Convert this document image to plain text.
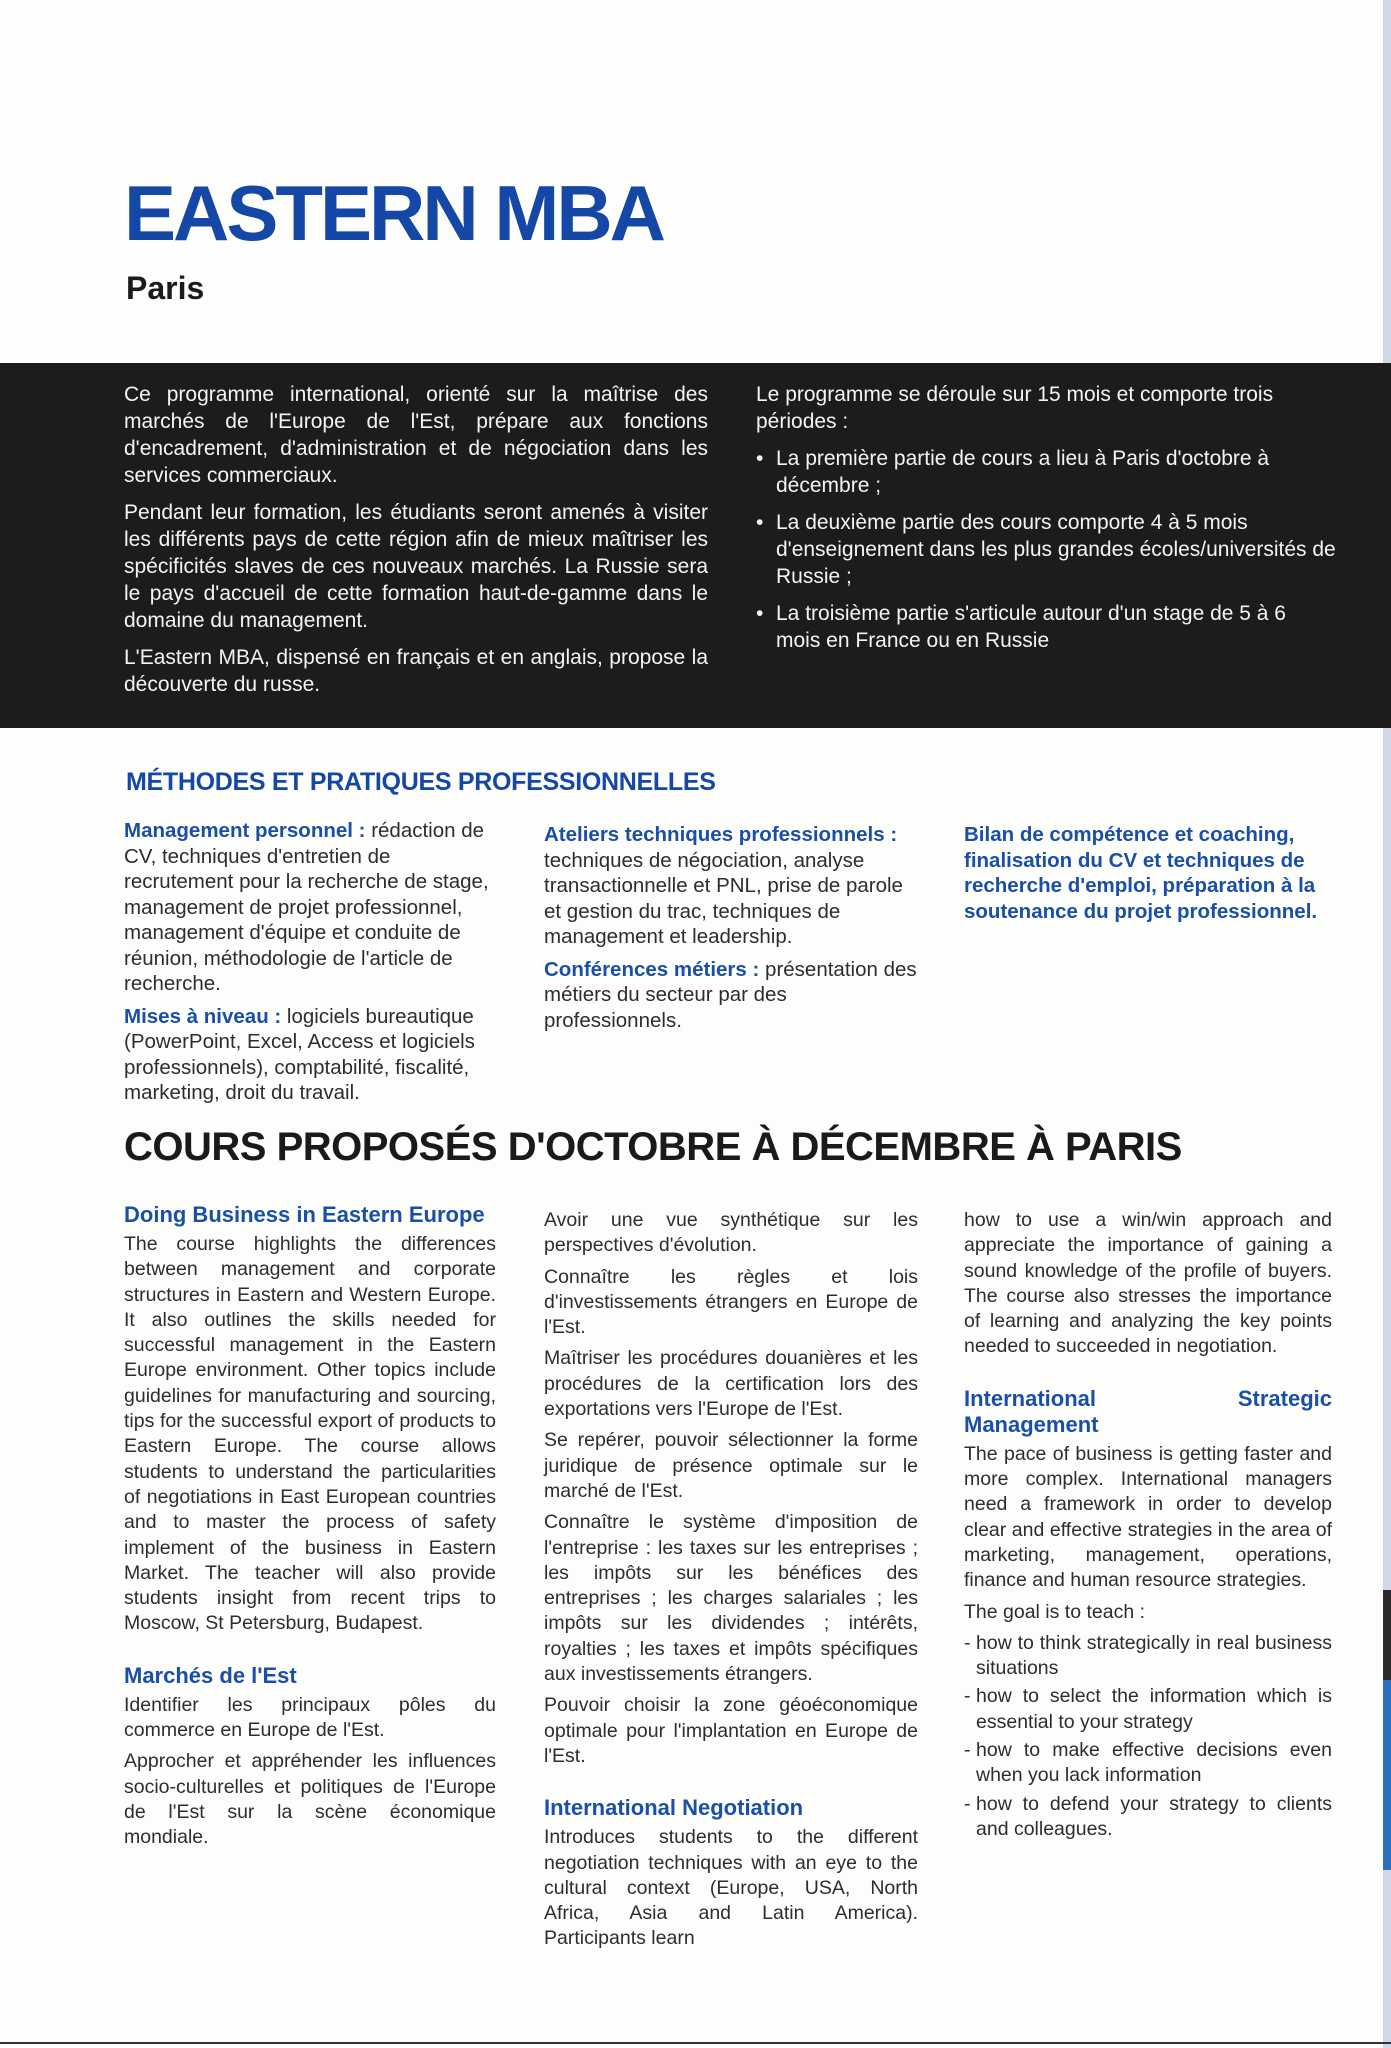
EASTERN MBA
Paris

Ce programme international, orienté sur la maîtrise des marchés de l'Europe de l'Est, prépare aux fonctions d'encadrement, d'administration et de négociation dans les services commerciaux.

Pendant leur formation, les étudiants seront amenés à visiter les différents pays de cette région afin de mieux maîtriser les spécificités slaves de ces nouveaux marchés. La Russie sera le pays d'accueil de cette formation haut-de-gamme dans le domaine du management.

L'Eastern MBA, dispensé en français et en anglais, propose la découverte du russe.

Le programme se déroule sur 15 mois et comporte trois périodes :

• La première partie de cours a lieu à Paris d'octobre à décembre ;
• La deuxième partie des cours comporte 4 à 5 mois d'enseignement dans les plus grandes écoles/universités de Russie ;
• La troisième partie s'articule autour d'un stage de 5 à 6 mois en France ou en Russie
MÉTHODES ET PRATIQUES PROFESSIONNELLES

Management personnel : rédaction de CV, techniques d'entretien de recrutement pour la recherche de stage, management de projet professionnel, management d'équipe et conduite de réunion, méthodologie de l'article de recherche.

Mises à niveau : logiciels bureautique (PowerPoint, Excel, Access et logiciels professionnels), comptabilité, fiscalité, marketing, droit du travail.

Ateliers techniques professionnels : techniques de négociation, analyse transactionnelle et PNL, prise de parole et gestion du trac, techniques de management et leadership.

Conférences métiers : présentation des métiers du secteur par des professionnels.

Bilan de compétence et coaching, finalisation du CV et techniques de recherche d'emploi, préparation à la soutenance du projet professionnel.

COURS PROPOSÉS D'OCTOBRE À DÉCEMBRE À PARIS
Doing Business in Eastern Europe

The course highlights the differences between management and corporate structures in Eastern and Western Europe. It also outlines the skills needed for successful management in the Eastern Europe environment. Other topics include guidelines for manufacturing and sourcing, tips for the successful export of products to Eastern Europe. The course allows students to understand the particularities of negotiations in East European countries and to master the process of safety implement of the business in Eastern Market. The teacher will also provide students insight from recent trips to Moscow, St Petersburg, Budapest.

Marchés de l'Est

Identifier les principaux pôles du commerce en Europe de l'Est.

Approcher et appréhender les influences socio-culturelles et politiques de l'Europe de l'Est sur la scène économique mondiale.

Avoir une vue synthétique sur les perspectives d'évolution.

Connaître les règles et lois d'investissements étrangers en Europe de l'Est.

Maîtriser les procédures douanières et les procédures de la certification lors des exportations vers l'Europe de l'Est.

Se repérer, pouvoir sélectionner la forme juridique de présence optimale sur le marché de l'Est.

Connaître le système d'imposition de l'entreprise : les taxes sur les entreprises ; les impôts sur les bénéfices des entreprises ; les charges salariales ; les impôts sur les dividendes ; intérêts, royalties ; les taxes et impôts spécifiques aux investissements étrangers.

Pouvoir choisir la zone géoéconomique optimale pour l'implantation en Europe de l'Est.

International Negotiation

Introduces students to the different negotiation techniques with an eye to the cultural context (Europe, USA, North Africa, Asia and Latin America). Participants learn

how to use a win/win approach and appreciate the importance of gaining a sound knowledge of the profile of buyers. The course also stresses the importance of learning and analyzing the key points needed to succeeded in negotiation.

International Strategic Management

The pace of business is getting faster and more complex. International managers need a framework in order to develop clear and effective strategies in the area of marketing, management, operations, finance and human resource strategies.

The goal is to teach :

- how to think strategically in real business situations
- how to select the information which is essential to your strategy
- how to make effective decisions even when you lack information
- how to defend your strategy to clients and colleagues.
